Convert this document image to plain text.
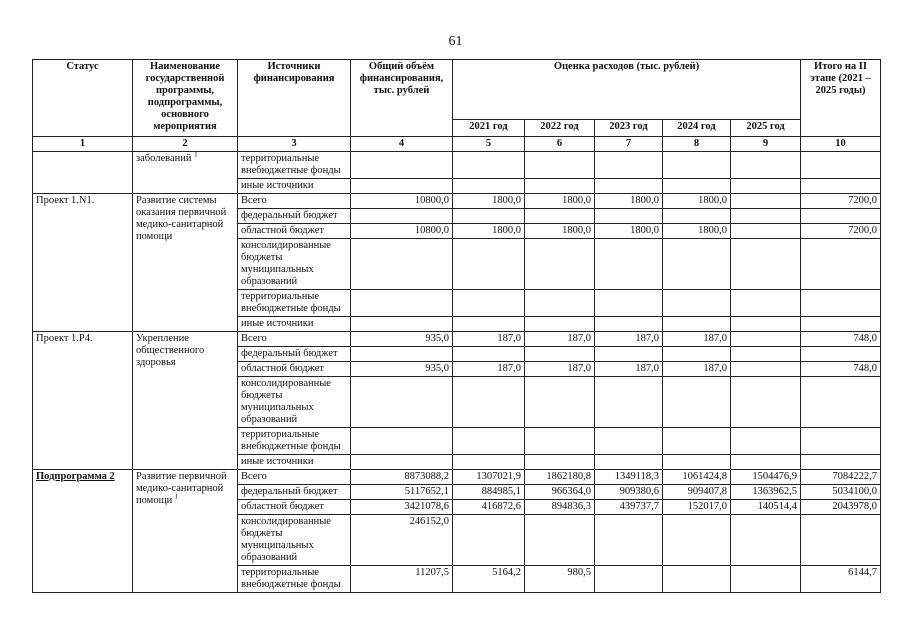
61
Статус	Наименование государственной программы, подпрограммы, основного мероприятия	Источники финансирования	Общий объём финансирования, тыс. рублей	Оценка расходов (тыс. рублей)					Итого на II этапе (2021 – 2025 годы)
				2021 год	2022 год	2023 год	2024 год	2025 год	
1	2	3	4	5	6	7	8	9	10
	заболеваний $^1$	территориальные внебюджетные фонды							
		иные источники							
Проект 1.N1.	Развитие системы оказания первичной медико-санитарной помощи	Всего	10800,0	1800,0	1800,0	1800,0	1800,0		7200,0
		федеральный бюджет							
		областной бюджет	10800,0	1800,0	1800,0	1800,0	1800,0		7200,0
		консолидированные бюджеты муниципальных образований							
		территориальные внебюджетные фонды							
		иные источники							
Проект 1.P4.	Укрепление общественного здоровья	Всего	935,0	187,0	187,0	187,0	187,0		748,0
		федеральный бюджет							
		областной бюджет	935,0	187,0	187,0	187,0	187,0		748,0
		консолидированные бюджеты муниципальных образований							
		территориальные внебюджетные фонды							
		иные источники							
Подпрограмма 2	Развитие первичной медико-санитарной помощи $^1$	Всего	8873088,2	1307021,9	1862180,8	1349118,3	1061424,8	1504476,9	7084222,7
		федеральный бюджет	5117652,1	884985,1	966364,0	909380,6	909407,8	1363962,5	5034100,0
		областной бюджет	3421078,6	416872,6	894836,3	439737,7	152017,0	140514,4	2043978,0
		консолидированные бюджеты муниципальных образований	246152,0						
		территориальные внебюджетные фонды	11207,5	5164,2	980,5				6144,7
